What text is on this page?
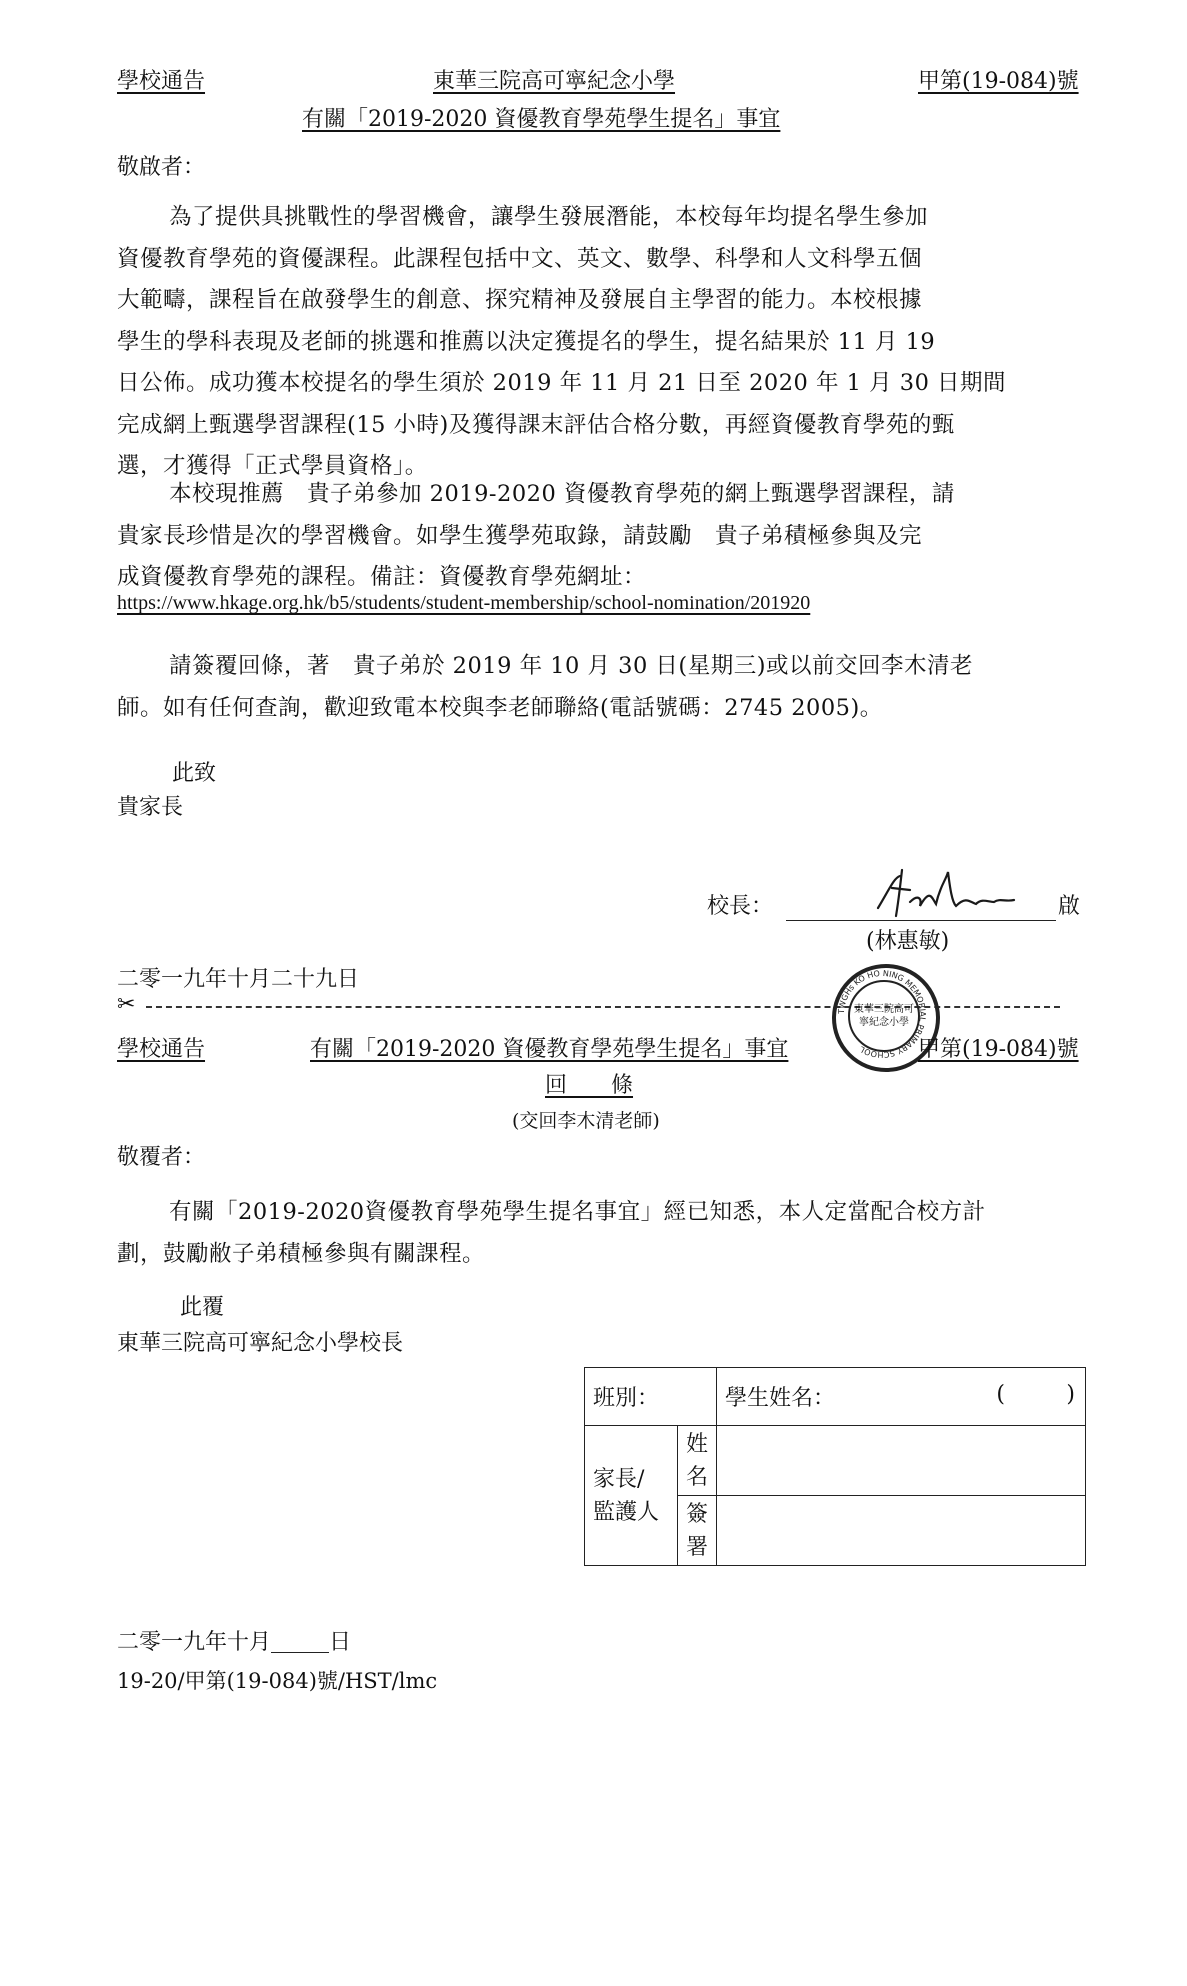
學校通告	東華三院高可寧紀念小學	甲第(19-084)號
有關「2019-2020 資優教育學苑學生提名」事宜
敬啟者：
為了提供具挑戰性的學習機會，讓學生發展潛能，本校每年均提名學生參加
資優教育學苑的資優課程。此課程包括中文、英文、數學、科學和人文科學五個
大範疇，課程旨在啟發學生的創意、探究精神及發展自主學習的能力。本校根據
學生的學科表現及老師的挑選和推薦以決定獲提名的學生，提名結果於 11 月 19
日公佈。成功獲本校提名的學生須於 2019 年 11 月 21 日至 2020 年 1 月 30 日期間
完成網上甄選學習課程(15 小時)及獲得課末評估合格分數，再經資優教育學苑的甄
選，才獲得「正式學員資格」。
本校現推薦　貴子弟參加 2019-2020 資優教育學苑的網上甄選學習課程，請
貴家長珍惜是次的學習機會。如學生獲學苑取錄，請鼓勵　貴子弟積極參與及完
成資優教育學苑的課程。備註：資優教育學苑網址：
https://www.hkage.org.hk/b5/students/student-membership/school-nomination/201920
請簽覆回條，著　貴子弟於 2019 年 10 月 30 日(星期三)或以前交回李木清老
師。如有任何查詢，歡迎致電本校與李老師聯絡(電話號碼：2745 2005)。
此致
貴家長
校長：	啟
(林惠敏)
二零一九年十月二十九日
✂	TWGHs KO HO NING MEMORIAL PRIMARY SCHOOL
東華三院高可寧紀念小學
學校通告	有關「2019-2020 資優教育學苑學生提名」事宜	甲第(19-084)號
回　　條
(交回李木清老師)
敬覆者：
有關「2019-2020資優教育學苑學生提名事宜」經已知悉，本人定當配合校方計
劃，鼓勵敝子弟積極參與有關課程。
此覆
東華三院高可寧紀念小學校長
班別：		學生姓名： ( )

家長/
監護人	姓
名	

	簽
署	

二零一九年十月	日
19-20/甲第(19-084)號/HST/lmc
